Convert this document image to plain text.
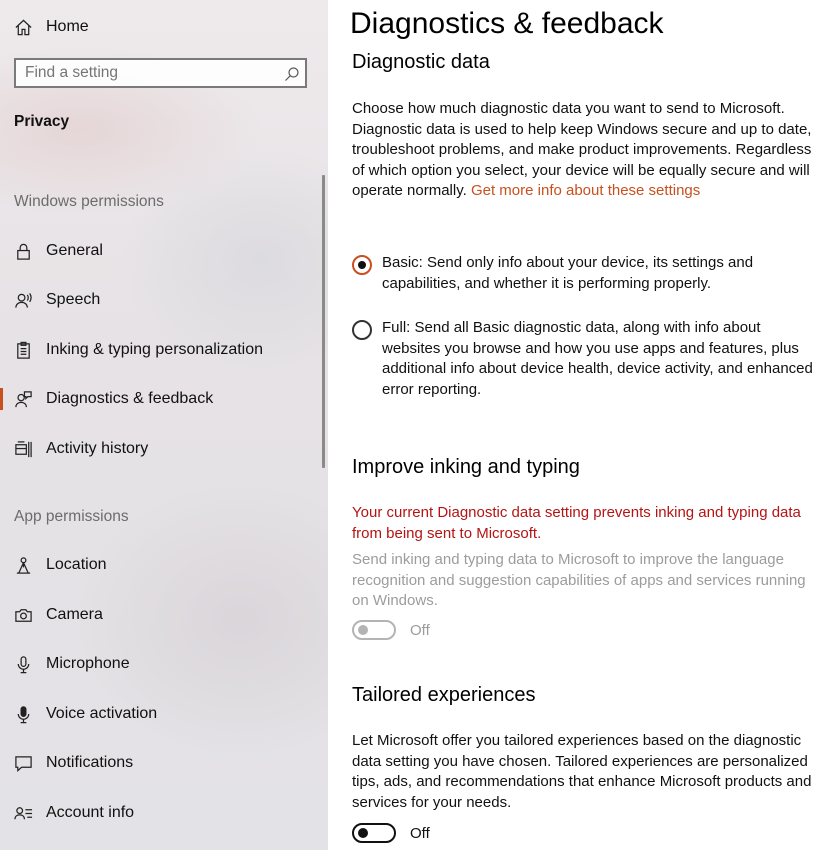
Home
Find a setting
Privacy
Windows permissions
General
Speech
Inking & typing personalization
Diagnostics & feedback
Activity history
App permissions
Location
Camera
Microphone
Voice activation
Notifications
Account info
Diagnostics & feedback
Diagnostic data

Choose how much diagnostic data you want to send to Microsoft. Diagnostic data is used to help keep Windows secure and up to date, troubleshoot problems, and make product improvements. Regardless of which option you select, your device will be equally secure and will operate normally. Get more info about these settings

Basic: Send only info about your device, its settings and capabilities, and whether it is performing properly.
Full: Send all Basic diagnostic data, along with info about websites you browse and how you use apps and features, plus additional info about device health, device activity, and enhanced error reporting.
Improve inking and typing

Your current Diagnostic data setting prevents inking and typing data from being sent to Microsoft.

Send inking and typing data to Microsoft to improve the language recognition and suggestion capabilities of apps and services running on Windows.

Off
Tailored experiences

Let Microsoft offer you tailored experiences based on the diagnostic data setting you have chosen. Tailored experiences are personalized tips, ads, and recommendations that enhance Microsoft products and services for your needs.

Off
